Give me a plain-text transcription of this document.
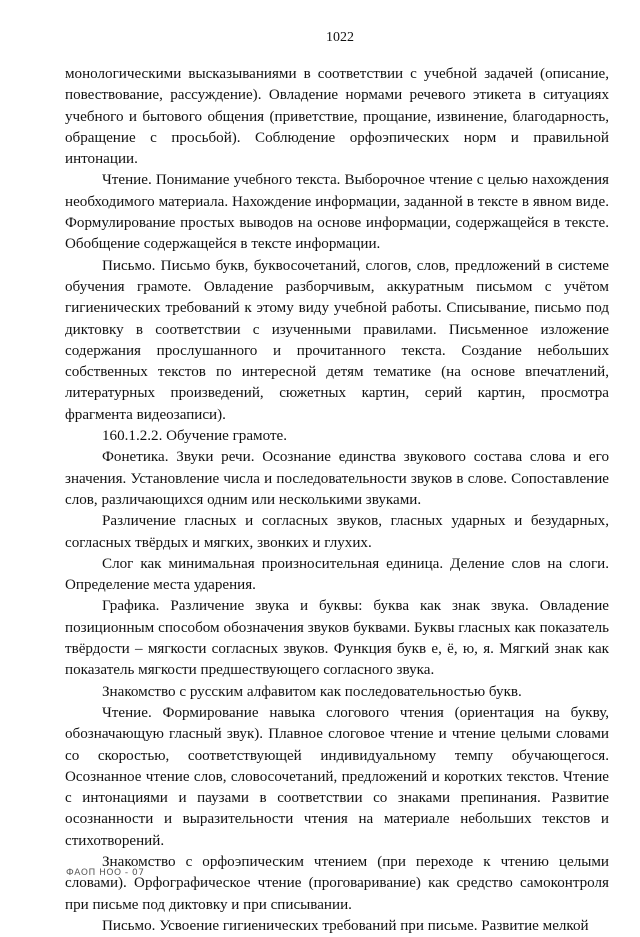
1022

монологическими высказываниями в соответствии с учебной задачей (описание, повествование, рассуждение). Овладение нормами речевого этикета в ситуациях учебного и бытового общения (приветствие, прощание, извинение, благодарность, обращение с просьбой). Соблюдение орфоэпических норм и правильной интонации.

Чтение. Понимание учебного текста. Выборочное чтение с целью нахождения необходимого материала. Нахождение информации, заданной в тексте в явном виде. Формулирование простых выводов на основе информации, содержащейся в тексте. Обобщение содержащейся в тексте информации.

Письмо. Письмо букв, буквосочетаний, слогов, слов, предложений в системе обучения грамоте. Овладение разборчивым, аккуратным письмом с учётом гигиенических требований к этому виду учебной работы. Списывание, письмо под диктовку в соответствии с изученными правилами. Письменное изложение содержания прослушанного и прочитанного текста. Создание небольших собственных текстов по интересной детям тематике (на основе впечатлений, литературных произведений, сюжетных картин, серий картин, просмотра фрагмента видеозаписи).

160.1.2.2. Обучение грамоте.

Фонетика. Звуки речи. Осознание единства звукового состава слова и его значения. Установление числа и последовательности звуков в слове. Сопоставление слов, различающихся одним или несколькими звуками.

Различение гласных и согласных звуков, гласных ударных и безударных, согласных твёрдых и мягких, звонких и глухих.

Слог как минимальная произносительная единица. Деление слов на слоги. Определение места ударения.

Графика. Различение звука и буквы: буква как знак звука. Овладение позиционным способом обозначения звуков буквами. Буквы гласных как показатель твёрдости – мягкости согласных звуков. Функция букв е, ё, ю, я. Мягкий знак как показатель мягкости предшествующего согласного звука.

Знакомство с русским алфавитом как последовательностью букв.

Чтение. Формирование навыка слогового чтения (ориентация на букву, обозначающую гласный звук). Плавное слоговое чтение и чтение целыми словами со скоростью, соответствующей индивидуальному темпу обучающегося. Осознанное чтение слов, словосочетаний, предложений и коротких текстов. Чтение с интонациями и паузами в соответствии со знаками препинания. Развитие осознанности и выразительности чтения на материале небольших текстов и стихотворений.

Знакомство с орфоэпическим чтением (при переходе к чтению целыми словами). Орфографическое чтение (проговаривание) как средство самоконтроля при письме под диктовку и при списывании.

Письмо. Усвоение гигиенических требований при письме. Развитие мелкой

ФАОП НОО - 07
